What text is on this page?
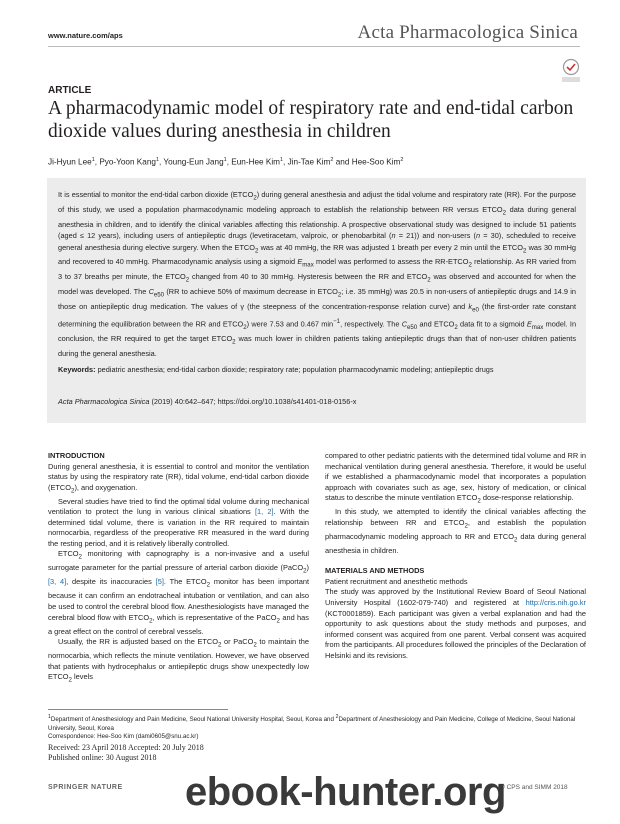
www.nature.com/aps	Acta Pharmacologica Sinica
ARTICLE
A pharmacodynamic model of respiratory rate and end-tidal carbon dioxide values during anesthesia in children
Ji-Hyun Lee$^1$, Pyo-Yoon Kang$^1$, Young-Eun Jang$^1$, Eun-Hee Kim$^1$, Jin-Tae Kim$^2$ and Hee-Soo Kim$^2$
It is essential to monitor the end-tidal carbon dioxide $(ETCO_2)$ during general anesthesia and adjust the tidal volume and respiratory rate (RR). For the purpose of this study, we used a population pharmacodynamic modeling approach to establish the relationship between RR versus $ETCO_2$ data during general anesthesia in children, and to identify the clinical variables affecting this relationship. A prospective observational study was designed to include 51 patients (aged ≤ 12 years), including users of antiepileptic drugs (levetiracetam, valproic, or phenobarbital (n = 21)) and non-users (n = 30), scheduled to receive general anesthesia during elective surgery. When the $ETCO_2$ was at 40 mmHg, the RR was adjusted 1 breath per every 2 min until the $ETCO_2$ was 30 mmHg and recovered to 40 mmHg. Pharmacodynamic analysis using a sigmoid $E_{max}$ model was performed to assess the $RR-ETCO_2$ relationship. As RR varied from 3 to 37 breaths per minute, the $ETCO_2$ changed from 40 to 30 mmHg. Hysteresis between the RR and $ETCO_2$ was observed and accounted for when the model was developed. The $C_{e50}$ (RR to achieve 50% of maximum decrease in $ETCO_2$; i.e. 35 mmHg) was 20.5 in non-users of antiepileptic drugs and 14.9 in those on antiepileptic drug medication. The values of γ (the steepness of the concentration-response relation curve) and $k_{e0}$ (the first-order rate constant determining the equilibration between the RR and $ETCO_2$) were 7.53 and 0.467 $\min^{-1}$, respectively. The $C_{e50}$ and $ETCO_2$ data fit to a sigmoid $E_{max}$ model. In conclusion, the RR required to get the target $ETCO_2$ was much lower in children patients taking antiepileptic drugs than that of non-user children patients during the general anesthesia.
Keywords: pediatric anesthesia; end-tidal carbon dioxide; respiratory rate; population pharmacodynamic modeling; antiepileptic drugs
Acta Pharmacologica Sinica (2019) 40:642–647; https://doi.org/10.1038/s41401-018-0156-x
INTRODUCTION

During general anesthesia, it is essential to control and monitor the ventilation status by using the respiratory rate (RR), tidal volume, end-tidal carbon dioxide $(ETCO_2)$, and oxygenation.

Several studies have tried to find the optimal tidal volume during mechanical ventilation to protect the lung in various clinical situations [1, 2]. With the determined tidal volume, there is variation in the RR required to maintain normocarbia, regardless of the preoperative RR measured in the ward during the resting period, and it is relatively liberally controlled.

$ETCO_2$ monitoring with capnography is a non-invasive and a useful surrogate parameter for the partial pressure of arterial carbon dioxide (PaCO$_2$) [3, 4], despite its inaccuracies [5]. The $ETCO_2$ monitor has been important because it can confirm an endotracheal intubation or ventilation, and can also be used to control the cerebral blood flow. Anesthesiologists have managed the cerebral blood flow with $ETCO_2$, which is representative of the PaCO$_2$ and has a great effect on the control of cerebral vessels.

Usually, the RR is adjusted based on the $ETCO_2$ or PaCO$_2$ to maintain the normocarbia, which reflects the minute ventilation. However, we have observed that patients with hydrocephalus or antiepileptic drugs show unexpectedly low $ETCO_2$ levels

compared to other pediatric patients with the determined tidal volume and RR in mechanical ventilation during general anesthesia. Therefore, it would be useful if we established a pharmacodynamic model that incorporates a population approach with covariates such as age, sex, history of medication, or clinical status to describe the minute ventilation $ETCO_2$ dose-response relationship.

In this study, we attempted to identify the clinical variables affecting the relationship between RR and $ETCO_2$, and establish the population pharmacodynamic modeling approach to RR and $ETCO_2$ data during general anesthesia in children.

MATERIALS AND METHODS
Patient recruitment and anesthetic methods

The study was approved by the Institutional Review Board of Seoul National University Hospital (1602-079-740) and registered at http://cris.nih.go.kr (KCT0001859). Each participant was given a verbal explanation and had the opportunity to ask questions about the study methods and purposes, and informed consent was acquired from one parent. Verbal consent was acquired from the participants. All procedures followed the principles of the Declaration of Helsinki and its revisions.

$^1$Department of Anesthesiology and Pain Medicine, Seoul National University Hospital, Seoul, Korea and $^2$Department of Anesthesiology and Pain Medicine, College of Medicine, Seoul National University, Seoul, Korea
Correspondence: Hee-Soo Kim (dami0605@snu.ac.kr)
Received: 23 April 2018 Accepted: 20 July 2018
Published online: 30 August 2018
SPRINGER NATURE	© CPS and SIMM 2018
ebook-hunter.org
